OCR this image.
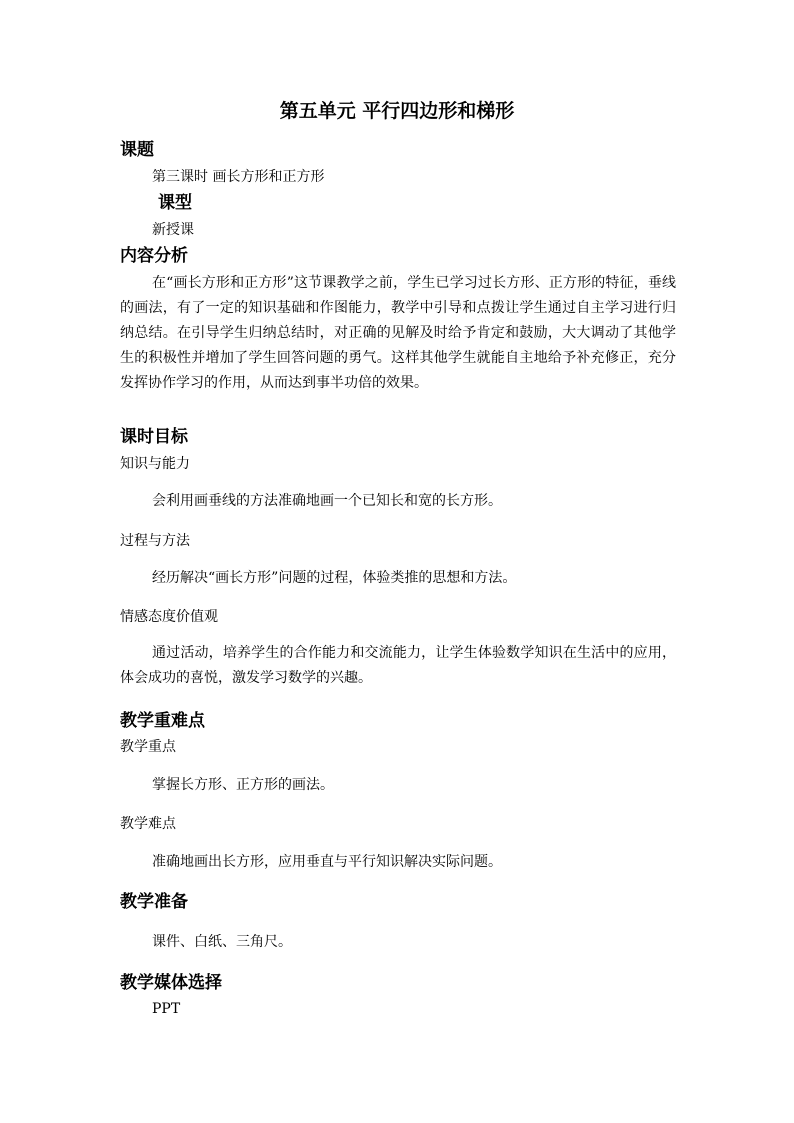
第五单元 平行四边形和梯形
课题
第三课时 画长方形和正方形
课型
新授课
内容分析

在“画长方形和正方形”这节课教学之前，学生已学习过长方形、正方形的特征，垂线的画法，有了一定的知识基础和作图能力，教学中引导和点拨让学生通过自主学习进行归纳总结。在引导学生归纳总结时，对正确的见解及时给予肯定和鼓励，大大调动了其他学生的积极性并增加了学生回答问题的勇气。这样其他学生就能自主地给予补充修正，充分发挥协作学习的作用，从而达到事半功倍的效果。

课时目标
知识与能力
会利用画垂线的方法准确地画一个已知长和宽的长方形。
过程与方法
经历解决“画长方形”问题的过程，体验类推的思想和方法。
情感态度价值观

通过活动，培养学生的合作能力和交流能力，让学生体验数学知识在生活中的应用，体会成功的喜悦，激发学习数学的兴趣。

教学重难点
教学重点
掌握长方形、正方形的画法。
教学难点
准确地画出长方形，应用垂直与平行知识解决实际问题。
教学准备
课件、白纸、三角尺。
教学媒体选择
PPT
